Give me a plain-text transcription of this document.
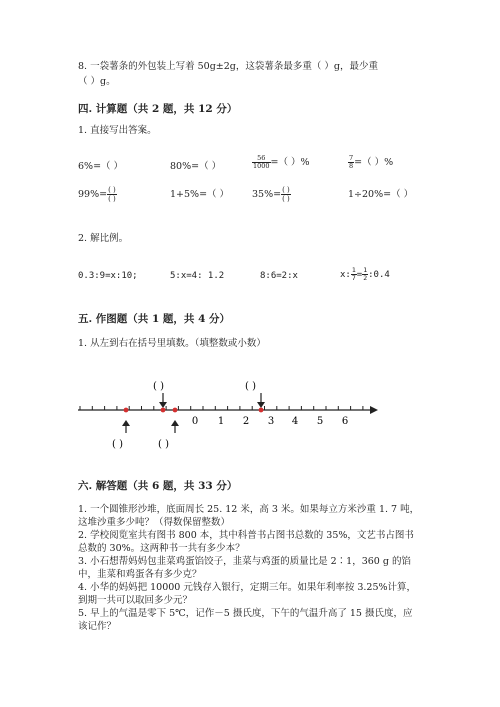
8. 一袋薯条的外包装上写着 50g±2g，这袋薯条最多重（ ）g，最少重
（ ）g。
四. 计算题（共 2 题，共 12 分）
1. 直接写出答案。
6%=（ ）	80%=（ ）	$\frac{56}{1000}$ =（ ）%	$\frac{7}{8}$ =（ ）%
$99\%= \frac{( )}{( )}$	1+5%=（ ） $35\%= \frac{( )}{( )}$	1÷20%=（ ）
2. 解比例。
0.3:9=x:10;	5:x=4: 1.2	8:6=2:x	x: $\frac{1}{7} = \frac{1}{2}$ :0.4
五. 作图题（共 1 题，共 4 分）
1. 从左到右在括号里填数。（填整数或小数）
( )	( )
0 1 2 3 4 5 6
( )	( )
六. 解答题（共 6 题，共 33 分）
1. 一个圆锥形沙堆，底面周长 25. 12 米，高 3 米。如果每立方米沙重 1. 7 吨，
这堆沙重多少吨？（得数保留整数）
2. 学校阅览室共有图书 800 本，其中科普书占图书总数的 35%，文艺书占图书
总数的 30%。这两种书一共有多少本？
3. 小石想帮妈妈包韭菜鸡蛋馅饺子，韭菜与鸡蛋的质量比是 2∶1，360 g 的馅
中，韭菜和鸡蛋各有多少克？
4. 小华的妈妈把 10000 元钱存入银行，定期三年。如果年利率按 3.25%计算，
到期一共可以取回多少元？
5. 早上的气温是零下 5℃，记作－5 摄氏度，下午的气温升高了 15 摄氏度，应
该记作？
